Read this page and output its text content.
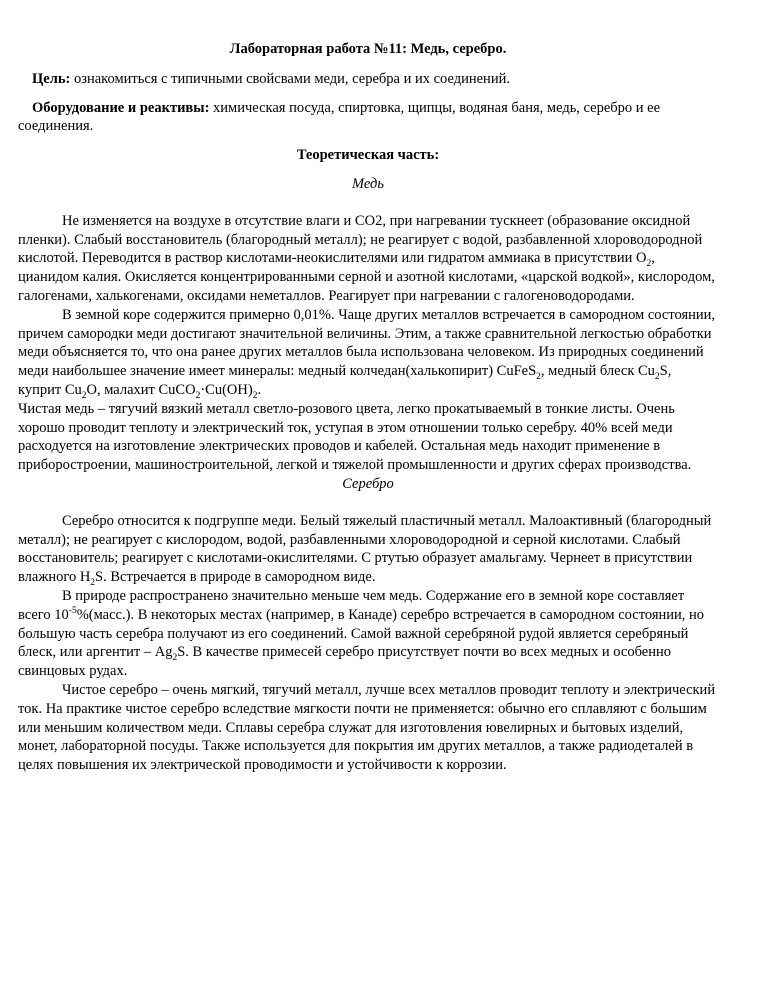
Лабораторная работа №11: Медь, серебро.

Цель: ознакомиться с типичными свойсвами меди, серебра и их соединений.

Оборудование и реактивы: химическая посуда, спиртовка, щипцы, водяная баня, медь, серебро и ее соединения.

Теоретическая часть:

Медь

Не изменяется на воздухе в отсутствие влаги и CO2, при нагревании тускнеет (образование оксидной пленки). Слабый восстановитель (благородный металл); не реагирует с водой, разбавленной хлороводородной кислотой. Переводится в раствор кислотами-неокислителями или гидратом аммиака в присутствии $O_2$, цианидом калия. Окисляется концентрированными серной и азотной кислотами, «царской водкой», кислородом, галогенами, халькогенами, оксидами неметаллов. Реагирует при нагревании с галогеноводородами.

В земной коре содержится примерно 0,01%. Чаще других металлов встречается в самородном состоянии, причем самородки меди достигают значительной величины. Этим, а также сравнительной легкостью обработки меди объясняется то, что она ранее других металлов была использована человеком. Из природных соединений меди наибольшее значение имеет минералы: медный колчедан(халькопирит) CuFeS$_2$, медный блеск $Cu_2S$, куприт $Cu_2O$, малахит $CuCO_2\cdot Cu(OH)_2$.

Чистая медь – тягучий вязкий металл светло-розового цвета, легко прокатываемый в тонкие листы. Очень хорошо проводит теплоту и электрический ток, уступая в этом отношении только серебру. 40% всей меди расходуется на изготовление электрических проводов и кабелей. Остальная медь находит применение в приборостроении, машиностроительной, легкой и тяжелой промышленности и других сферах производства.

Серебро

Серебро относится к подгруппе меди. Белый тяжелый пластичный металл. Малоактивный (благородный металл); не реагирует с кислородом, водой, разбавленными хлороводородной и серной кислотами. Слабый восстановитель; реагирует с кислотами-окислителями. С ртутью образует амальгаму. Чернеет в присутствии влажного $H_2S$. Встречается в природе в самородном виде.

В природе распространено значительно меньше чем медь. Содержание его в земной коре составляет всего $10^{-5}\%(масс.)$. В некоторых местах (например, в Канаде) серебро встречается в самородном состоянии, но большую часть серебра получают из его соединений. Самой важной серебряной рудой является серебряный блеск, или аргентит – $Ag_2S$. В качестве примесей серебро присутствует почти во всех медных и особенно свинцовых рудах.

Чистое серебро – очень мягкий, тягучий металл, лучше всех металлов проводит теплоту и электрический ток. На практике чистое серебро вследствие мягкости почти не применяется: обычно его сплавляют с большим или меньшим количеством меди. Сплавы серебра служат для изготовления ювелирных и бытовых изделий, монет, лабораторной посуды. Также используется для покрытия им других металлов, а также радиодеталей в целях повышения их электрической проводимости и устойчивости к коррозии.
